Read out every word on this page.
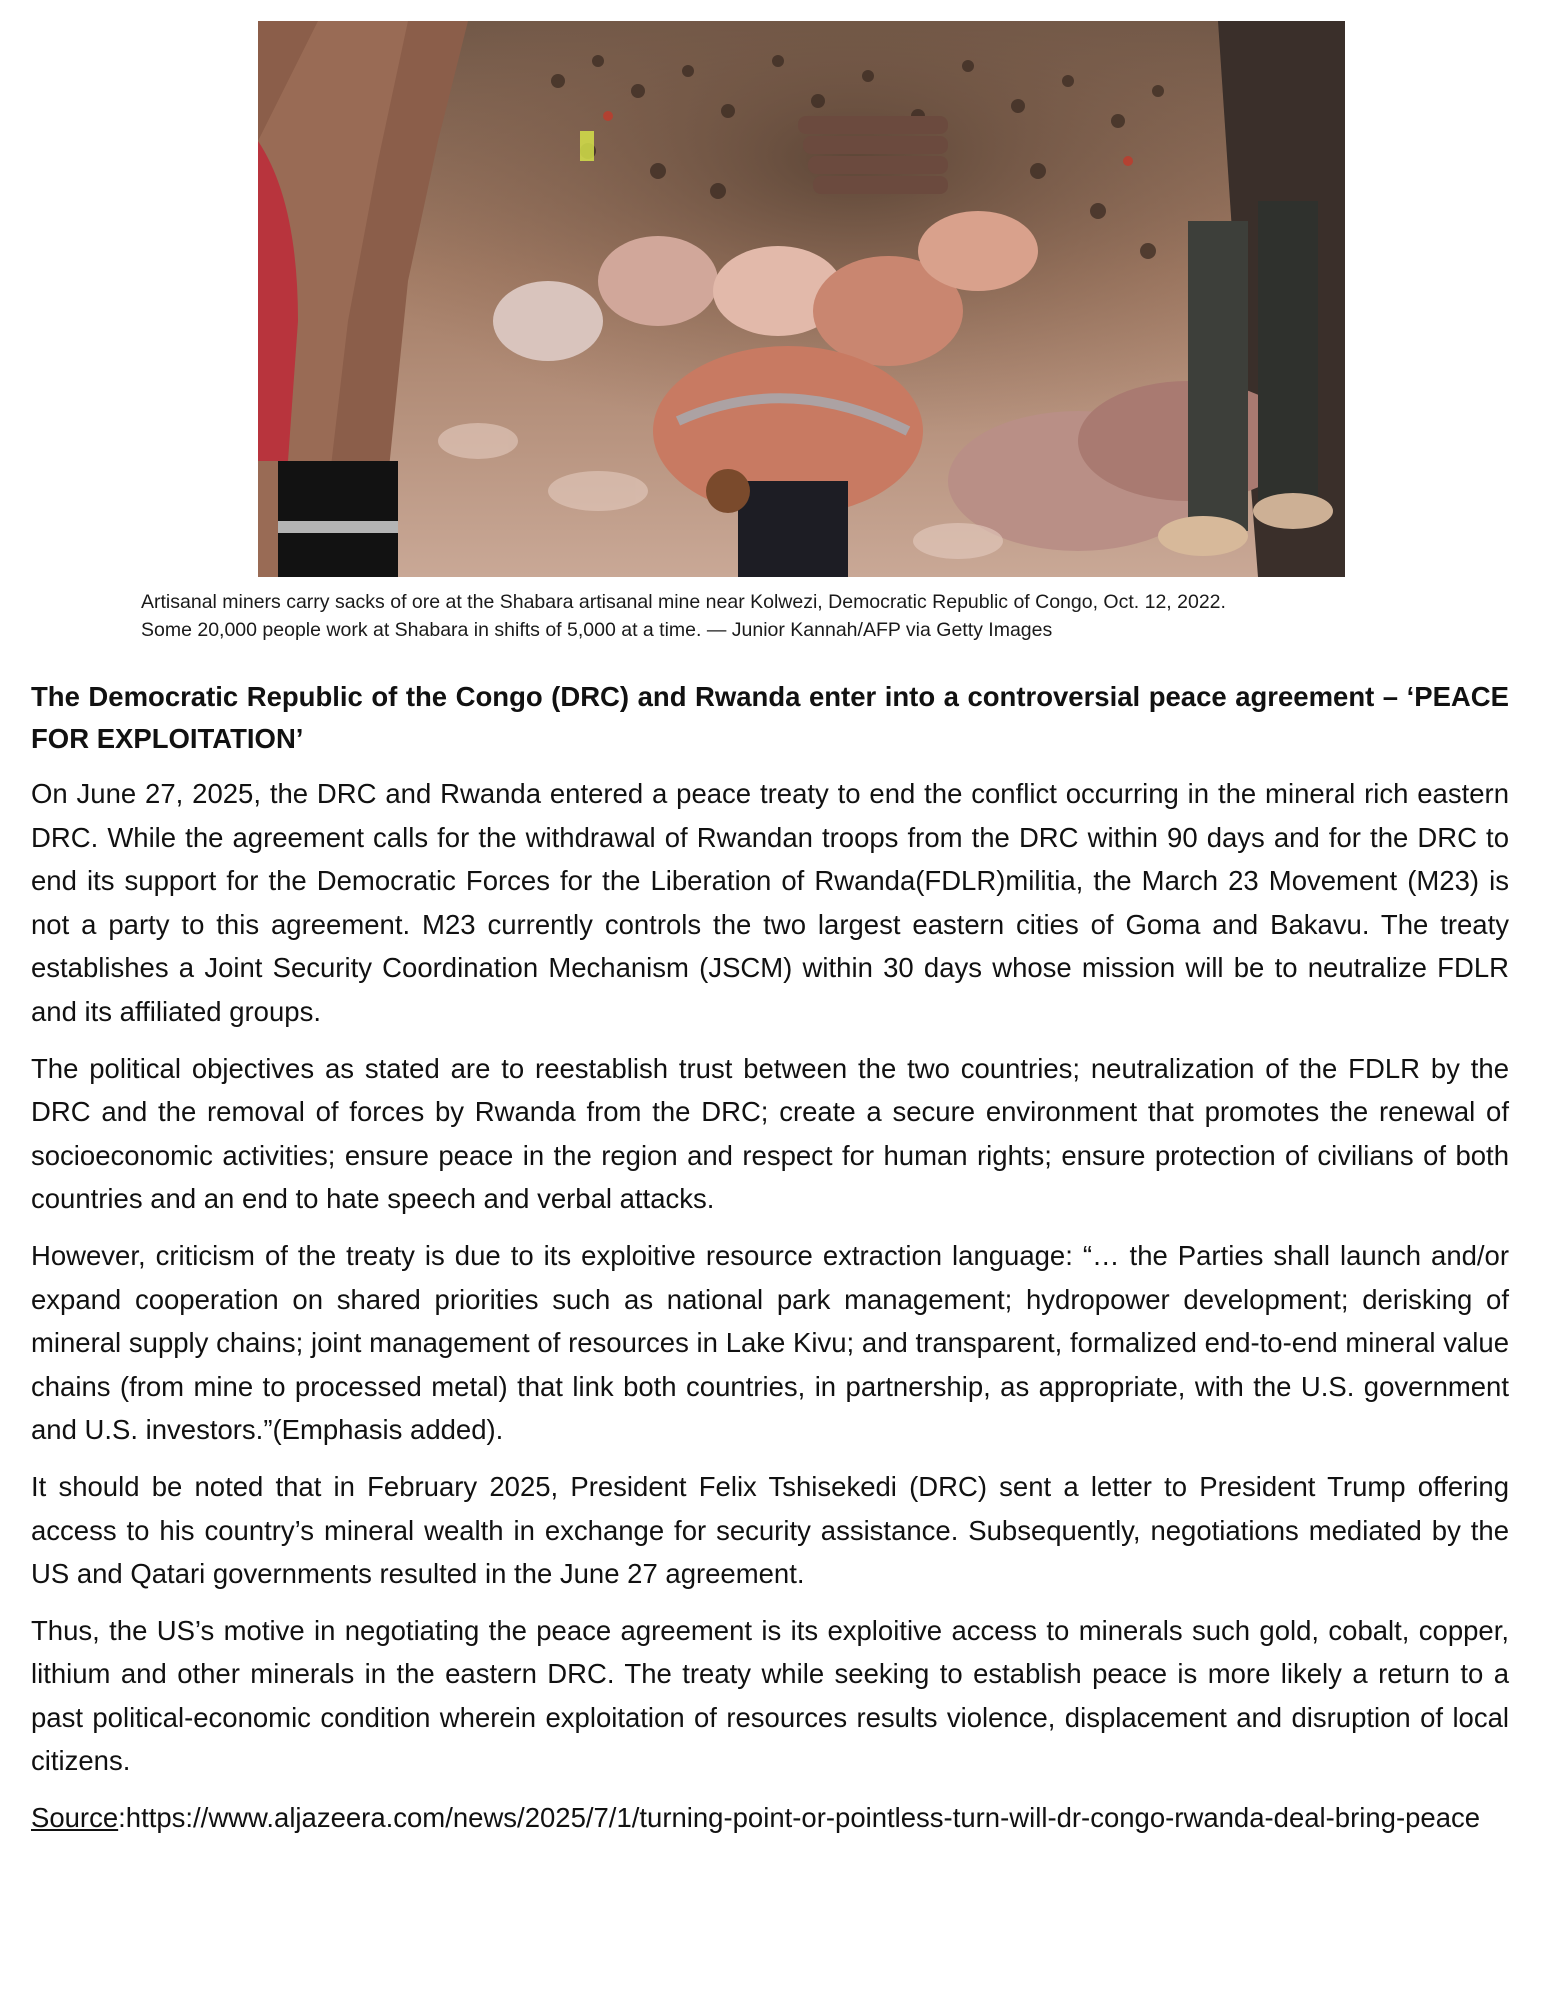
Artisanal miners carry sacks of ore at the Shabara artisanal mine near Kolwezi, Democratic Republic of Congo, Oct. 12, 2022.
Some 20,000 people work at Shabara in shifts of 5,000 at a time. — Junior Kannah/AFP via Getty Images
The Democratic Republic of the Congo (DRC) and Rwanda enter into a controversial peace agreement – ‘PEACE FOR EXPLOITATION’

On June 27, 2025, the DRC and Rwanda entered a peace treaty to end the conflict occurring in the mineral rich eastern DRC. While the agreement calls for the withdrawal of Rwandan troops from the DRC within 90 days and for the DRC to end its support for the Democratic Forces for the Liberation of Rwanda(FDLR)militia, the March 23 Movement (M23) is not a party to this agreement. M23 currently controls the two largest eastern cities of Goma and Bakavu. The treaty establishes a Joint Security Coordination Mechanism (JSCM) within 30 days whose mission will be to neutralize FDLR and its affiliated groups.

The political objectives as stated are to reestablish trust between the two countries; neutralization of the FDLR by the DRC and the removal of forces by Rwanda from the DRC; create a secure environment that promotes the renewal of socioeconomic activities; ensure peace in the region and respect for human rights; ensure protection of civilians of both countries and an end to hate speech and verbal attacks.

However, criticism of the treaty is due to its exploitive resource extraction language: “… the Parties shall launch and/or expand cooperation on shared priorities such as national park management; hydropower development; derisking of mineral supply chains; joint management of resources in Lake Kivu; and transparent, formalized end-to-end mineral value chains (from mine to processed metal) that link both countries, in partnership, as appropriate, with the U.S. government and U.S. investors.”(Emphasis added).

It should be noted that in February 2025, President Felix Tshisekedi (DRC) sent a letter to President Trump offering access to his country’s mineral wealth in exchange for security assistance. Subsequently, negotiations mediated by the US and Qatari governments resulted in the June 27 agreement.

Thus, the US’s motive in negotiating the peace agreement is its exploitive access to minerals such gold, cobalt, copper, lithium and other minerals in the eastern DRC. The treaty while seeking to establish peace is more likely a return to a past political-economic condition wherein exploitation of resources results violence, displacement and disruption of local citizens.

Source:https://www.aljazeera.com/news/2025/7/1/turning-point-or-pointless-turn-will-dr-congo-rwanda-deal-bring-peace
